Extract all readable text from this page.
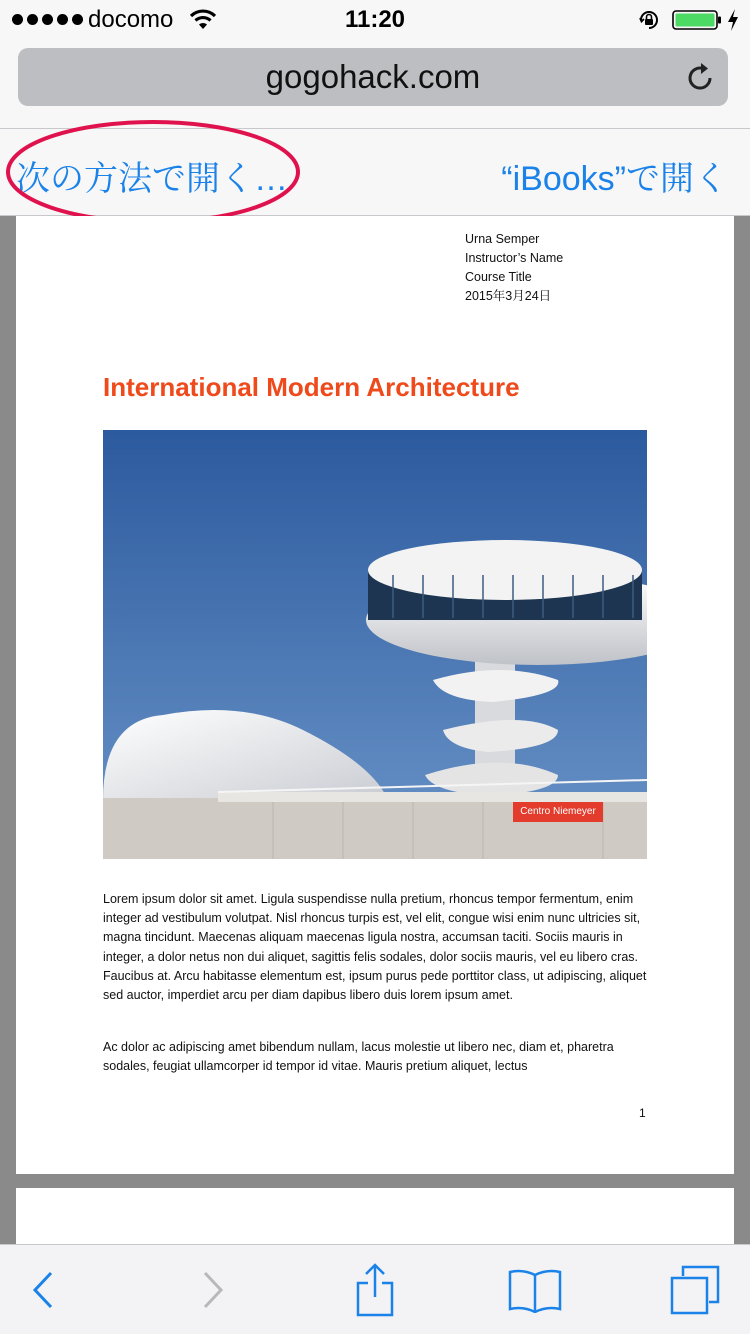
docomo	11:20
gogohack.com
次の方法で開く…	“iBooks”で開く
Urna Semper
Instructor’s Name
Course Title
2015年3月24日
International Modern Architecture
Centro Niemeyer

Lorem ipsum dolor sit amet. Ligula suspendisse nulla pretium, rhoncus tempor fermentum, enim integer ad vestibulum volutpat. Nisl rhoncus turpis est, vel elit, congue wisi enim nunc ultricies sit, magna tincidunt. Maecenas aliquam maecenas ligula nostra, accumsan taciti. Sociis mauris in integer, a dolor netus non dui aliquet, sagittis felis sodales, dolor sociis mauris, vel eu libero cras. Faucibus at. Arcu habitasse elementum est, ipsum purus pede porttitor class, ut adipiscing, aliquet sed auctor, imperdiet arcu per diam dapibus libero duis lorem ipsum amet.

Ac dolor ac adipiscing amet bibendum nullam, lacus molestie ut libero nec, diam et, pharetra sodales, feugiat ullamcorper id tempor id vitae. Mauris pretium aliquet, lectus

1
